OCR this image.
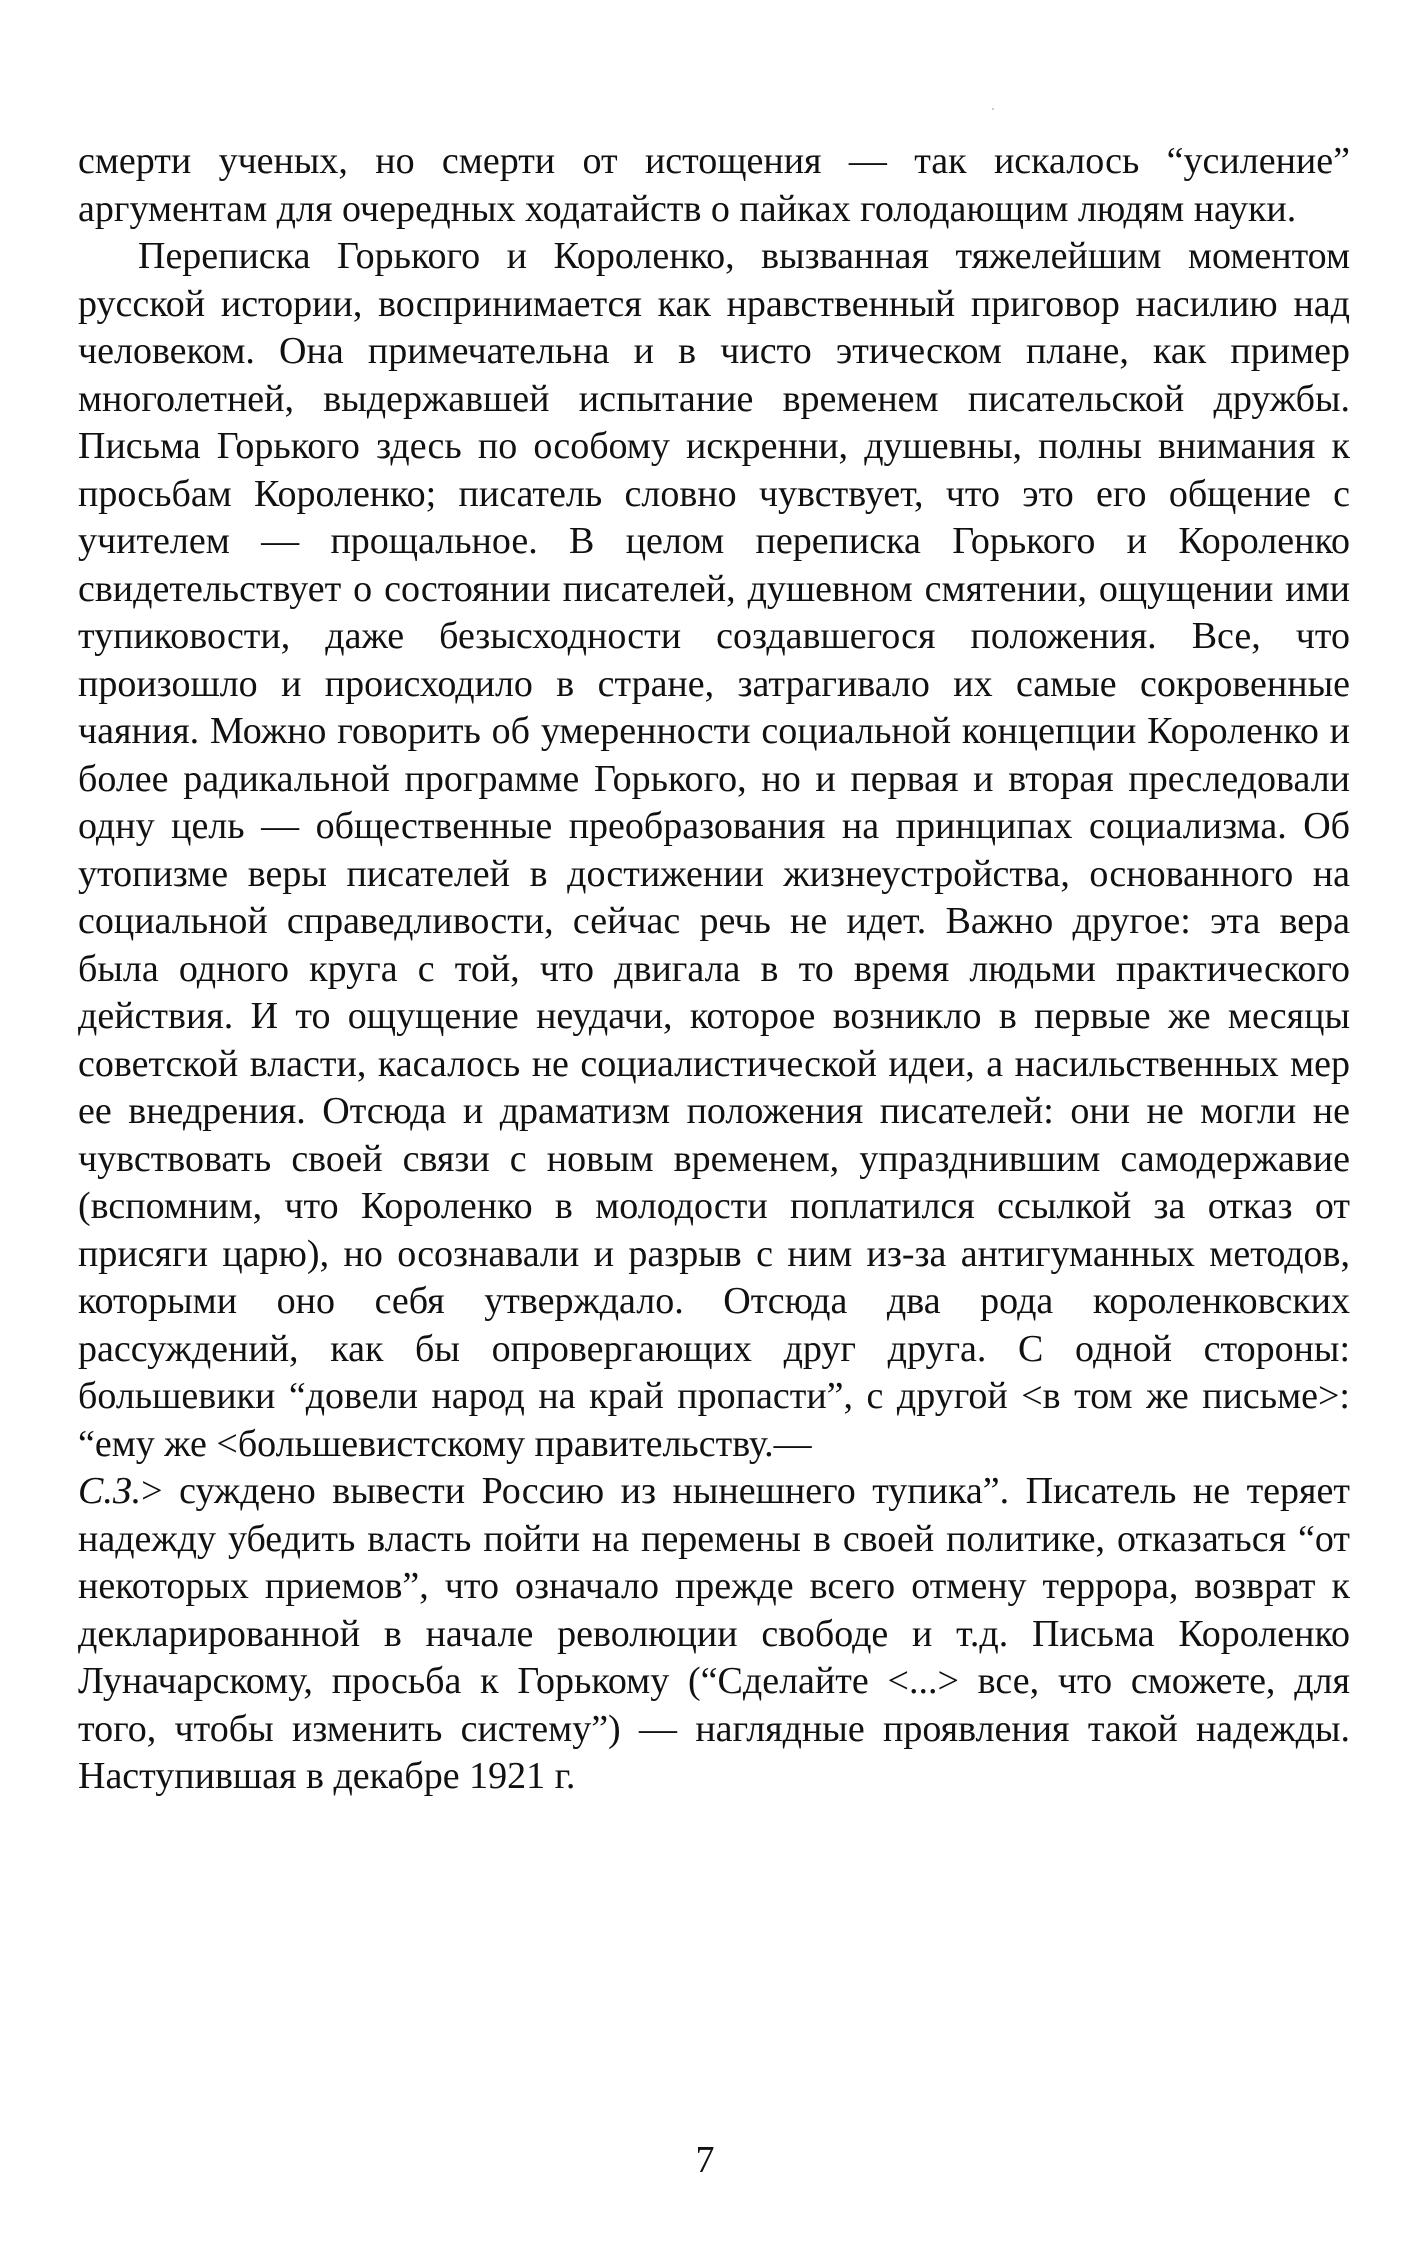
смерти ученых, но смерти от истощения — так искалось “усиление” аргументам для очередных ходатайств о пайках голодающим людям науки.

Переписка Горького и Короленко, вызванная тяжелейшим моментом русской истории, воспринимается как нравственный приговор насилию над человеком. Она примечательна и в чисто этическом плане, как пример многолетней, выдержавшей испытание временем писательской дружбы. Письма Горького здесь по особому искренни, душевны, полны внимания к просьбам Короленко; писатель словно чувствует, что это его общение с учителем — прощальное. В целом переписка Горького и Короленко свидетельствует о состоянии писателей, душевном смятении, ощущении ими тупиковости, даже безысходности создавшегося положения. Все, что произошло и происходило в стране, затрагивало их самые сокровенные чаяния. Можно говорить об умеренности социальной концепции Короленко и более радикальной программе Горького, но и первая и вторая преследовали одну цель — общественные преобразования на принципах социализма. Об утопизме веры писателей в достижении жизнеустройства, основанного на социальной справедливости, сейчас речь не идет. Важно другое: эта вера была одного круга с той, что двигала в то время людьми практического действия. И то ощущение неудачи, которое возникло в первые же месяцы советской власти, касалось не социалистической идеи, а насильственных мер ее внедрения. Отсюда и драматизм положения писателей: они не могли не чувствовать своей связи с новым временем, упразднившим самодержавие (вспомним, что Короленко в молодости поплатился ссылкой за отказ от присяги царю), но осознавали и разрыв с ним из-за антигуманных методов, которыми оно себя утверждало. Отсюда два рода короленковских рассуждений, как бы опровергающих друг друга. С одной стороны: большевики “довели народ на край пропасти”, с другой <в том же письме>: “ему же <большевистскому правительству.—
С.З.> суждено вывести Россию из нынешнего тупика”. Писатель не теряет надежду убедить власть пойти на перемены в своей политике, отказаться “от некоторых приемов”, что означало прежде всего отмену террора, возврат к декларированной в начале революции свободе и т.д. Письма Короленко Луначарскому, просьба к Горькому (“Сделайте <...> все, что сможете, для того, чтобы изменить систему”) — наглядные проявления такой надежды. Наступившая в декабре 1921 г.

7
